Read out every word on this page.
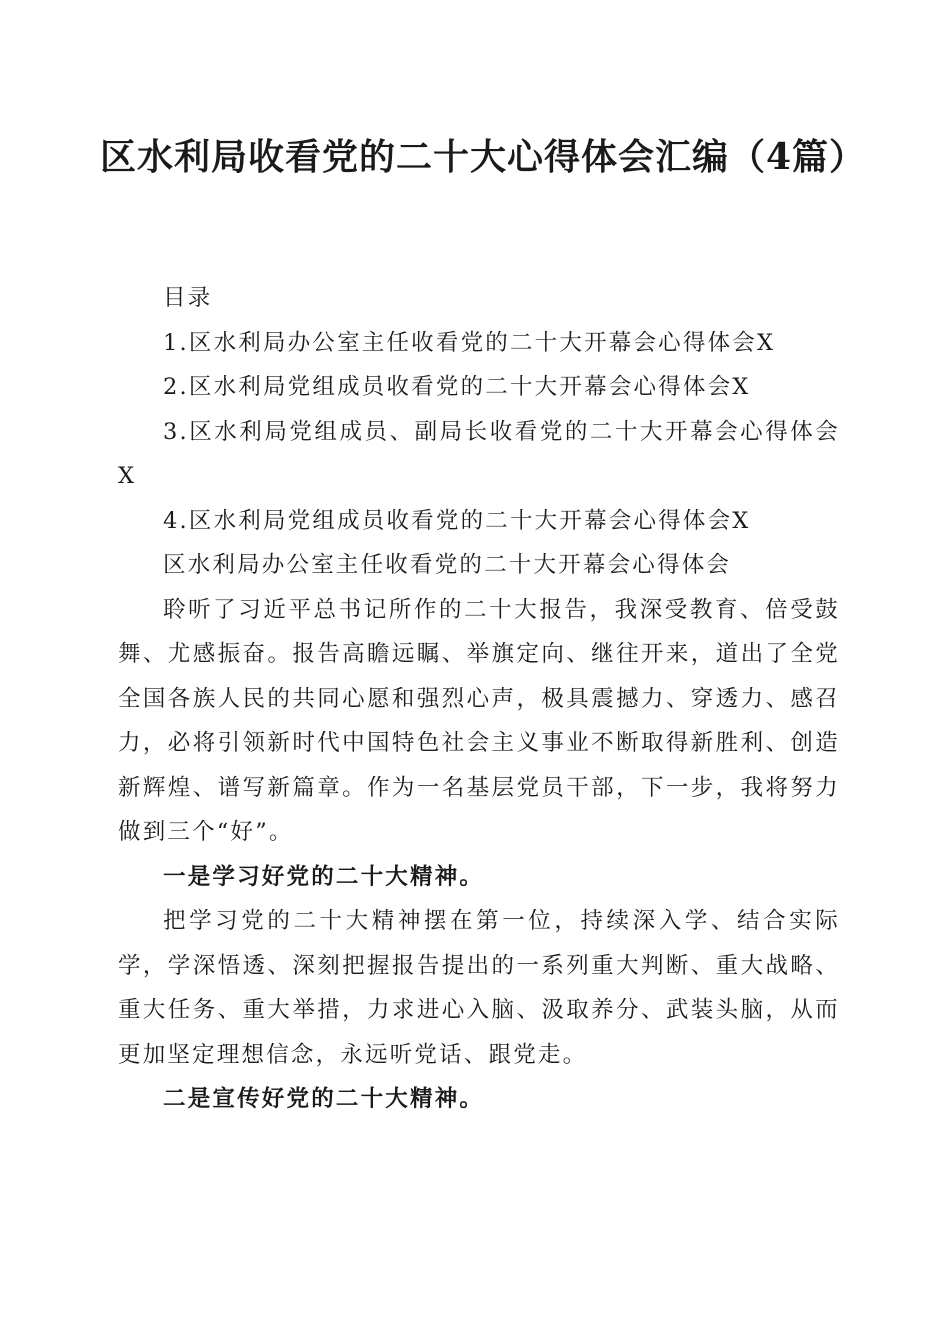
区水利局收看党的二十大心得体会汇编（4篇）

目录

1.区水利局办公室主任收看党的二十大开幕会心得体会X

2.区水利局党组成员收看党的二十大开幕会心得体会X

3.区水利局党组成员、副局长收看党的二十大开幕会心得体会X

4.区水利局党组成员收看党的二十大开幕会心得体会X

区水利局办公室主任收看党的二十大开幕会心得体会

聆听了习近平总书记所作的二十大报告，我深受教育、倍受鼓舞、尤感振奋。报告高瞻远瞩、举旗定向、继往开来，道出了全党全国各族人民的共同心愿和强烈心声，极具震撼力、穿透力、感召力，必将引领新时代中国特色社会主义事业不断取得新胜利、创造新辉煌、谱写新篇章。作为一名基层党员干部，下一步，我将努力做到三个“好”。

一是学习好党的二十大精神。

把学习党的二十大精神摆在第一位，持续深入学、结合实际学，学深悟透、深刻把握报告提出的一系列重大判断、重大战略、重大任务、重大举措，力求进心入脑、汲取养分、武装头脑，从而更加坚定理想信念，永远听党话、跟党走。

二是宣传好党的二十大精神。
